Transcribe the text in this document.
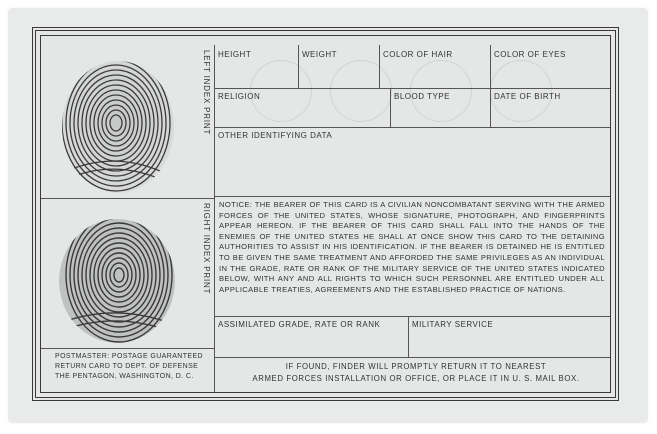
HEIGHT	WEIGHT	COLOR OF HAIR	COLOR OF EYES
RELIGION	BLOOD TYPE	DATE OF BIRTH
OTHER IDENTIFYING DATA
ASSIMILATED GRADE, RATE OR RANK	MILITARY SERVICE
LEFT INDEX PRINT
RIGHT INDEX PRINT NOTICE: THE BEARER OF THIS CARD IS A CIVILIAN NONCOMBATANT SERVING WITH THE ARMED FORCES OF THE UNITED STATES, WHOSE SIGNATURE, PHOTOGRAPH, AND FINGERPRINTS APPEAR HEREON. IF THE BEARER OF THIS CARD SHALL FALL INTO THE HANDS OF THE ENEMIES OF THE UNITED STATES HE SHALL AT ONCE SHOW THIS CARD TO THE DETAINING AUTHORITIES TO ASSIST IN HIS IDENTIFICATION. IF THE BEARER IS DETAINED HE IS ENTITLED TO BE GIVEN THE SAME TREATMENT AND AFFORDED THE SAME PRIVILEGES AS AN INDIVIDUAL IN THE GRADE, RATE OR RANK OF THE MILITARY SERVICE OF THE UNITED STATES INDICATED BELOW, WITH ANY AND ALL RIGHTS TO WHICH SUCH PERSONNEL ARE ENTITLED UNDER ALL APPLICABLE TREATIES, AGREEMENTS AND THE ESTABLISHED PRACTICE OF NATIONS.
POSTMASTER: POSTAGE GUARANTEED
RETURN CARD TO DEPT. OF DEFENSE
THE PENTAGON, WASHINGTON, D. C.
IF FOUND, FINDER WILL PROMPTLY RETURN IT TO NEAREST
ARMED FORCES INSTALLATION OR OFFICE, OR PLACE IT IN U. S. MAIL BOX.
